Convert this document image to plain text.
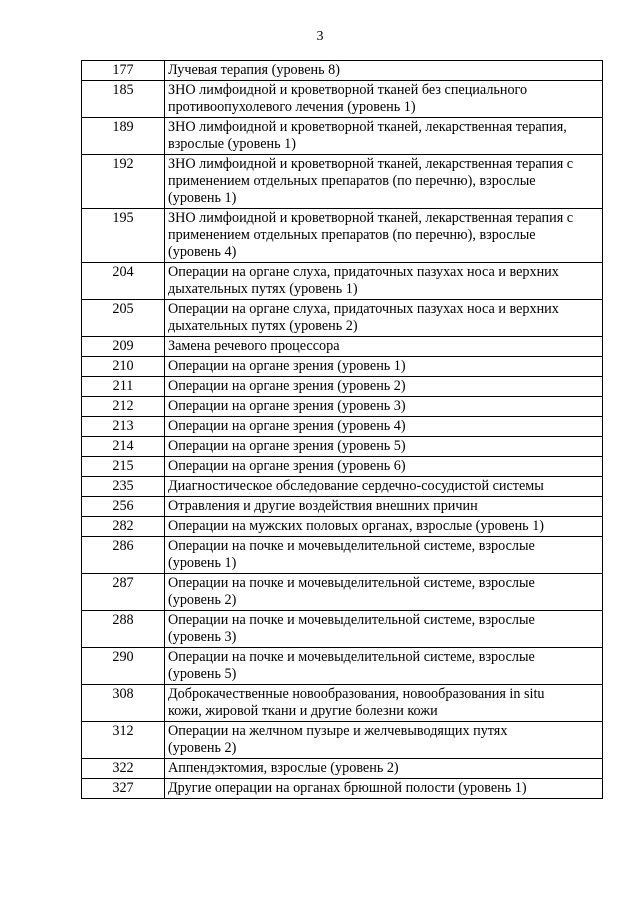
3
177	Лучевая терапия (уровень 8)
185	ЗНО лимфоидной и кроветворной тканей без специального
противоопухолевого лечения (уровень 1)
189	ЗНО лимфоидной и кроветворной тканей, лекарственная терапия,
взрослые (уровень 1)
192	ЗНО лимфоидной и кроветворной тканей, лекарственная терапия с
применением отдельных препаратов (по перечню), взрослые
(уровень 1)
195	ЗНО лимфоидной и кроветворной тканей, лекарственная терапия с
применением отдельных препаратов (по перечню), взрослые
(уровень 4)
204	Операции на органе слуха, придаточных пазухах носа и верхних
дыхательных путях (уровень 1)
205	Операции на органе слуха, придаточных пазухах носа и верхних
дыхательных путях (уровень 2)
209	Замена речевого процессора
210	Операции на органе зрения (уровень 1)
211	Операции на органе зрения (уровень 2)
212	Операции на органе зрения (уровень 3)
213	Операции на органе зрения (уровень 4)
214	Операции на органе зрения (уровень 5)
215	Операции на органе зрения (уровень 6)
235	Диагностическое обследование сердечно-сосудистой системы
256	Отравления и другие воздействия внешних причин
282	Операции на мужских половых органах, взрослые (уровень 1)
286	Операции на почке и мочевыделительной системе, взрослые
(уровень 1)
287	Операции на почке и мочевыделительной системе, взрослые
(уровень 2)
288	Операции на почке и мочевыделительной системе, взрослые
(уровень 3)
290	Операции на почке и мочевыделительной системе, взрослые
(уровень 5)
308	Доброкачественные новообразования, новообразования in situ
кожи, жировой ткани и другие болезни кожи
312	Операции на желчном пузыре и желчевыводящих путях
(уровень 2)
322	Аппендэктомия, взрослые (уровень 2)
327	Другие операции на органах брюшной полости (уровень 1)
